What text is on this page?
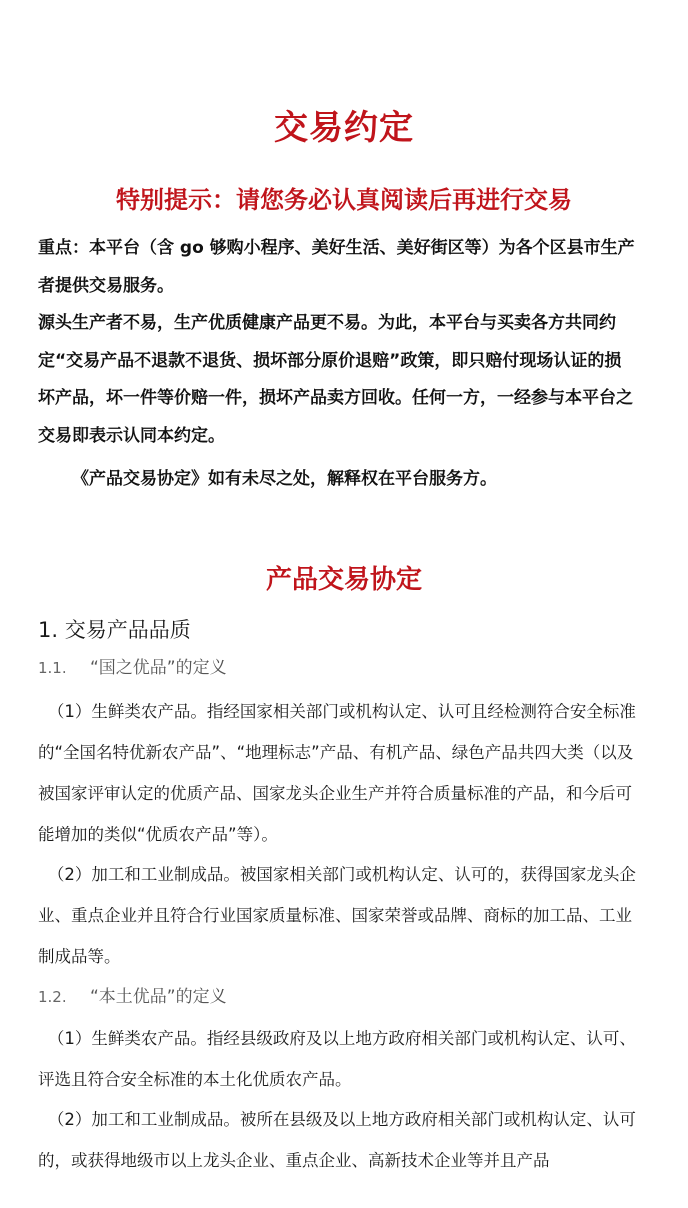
交易约定
特别提示：请您务必认真阅读后再进行交易

重点：本平台（含 go 够购小程序、美好生活、美好街区等）为各个区县市生产者提供交易服务。

源头生产者不易，生产优质健康产品更不易。为此，本平台与买卖各方共同约定“交易产品不退款不退货、损坏部分原价退赔”政策，即只赔付现场认证的损坏产品，坏一件等价赔一件，损坏产品卖方回收。任何一方，一经参与本平台之交易即表示认同本约定。

《产品交易协定》如有未尽之处，解释权在平台服务方。

产品交易协定
1. 交易产品品质
1.1. “国之优品”的定义

（1）生鲜类农产品。指经国家相关部门或机构认定、认可且经检测符合安全标准的“全国名特优新农产品”、“地理标志”产品、有机产品、绿色产品共四大类（以及被国家评审认定的优质产品、国家龙头企业生产并符合质量标准的产品，和今后可能增加的类似“优质农产品”等）。

（2）加工和工业制成品。被国家相关部门或机构认定、认可的，获得国家龙头企业、重点企业并且符合行业国家质量标准、国家荣誉或品牌、商标的加工品、工业制成品等。

1.2. “本土优品”的定义

（1）生鲜类农产品。指经县级政府及以上地方政府相关部门或机构认定、认可、评选且符合安全标准的本土化优质农产品。

（2）加工和工业制成品。被所在县级及以上地方政府相关部门或机构认定、认可的，或获得地级市以上龙头企业、重点企业、高新技术企业等并且产品
